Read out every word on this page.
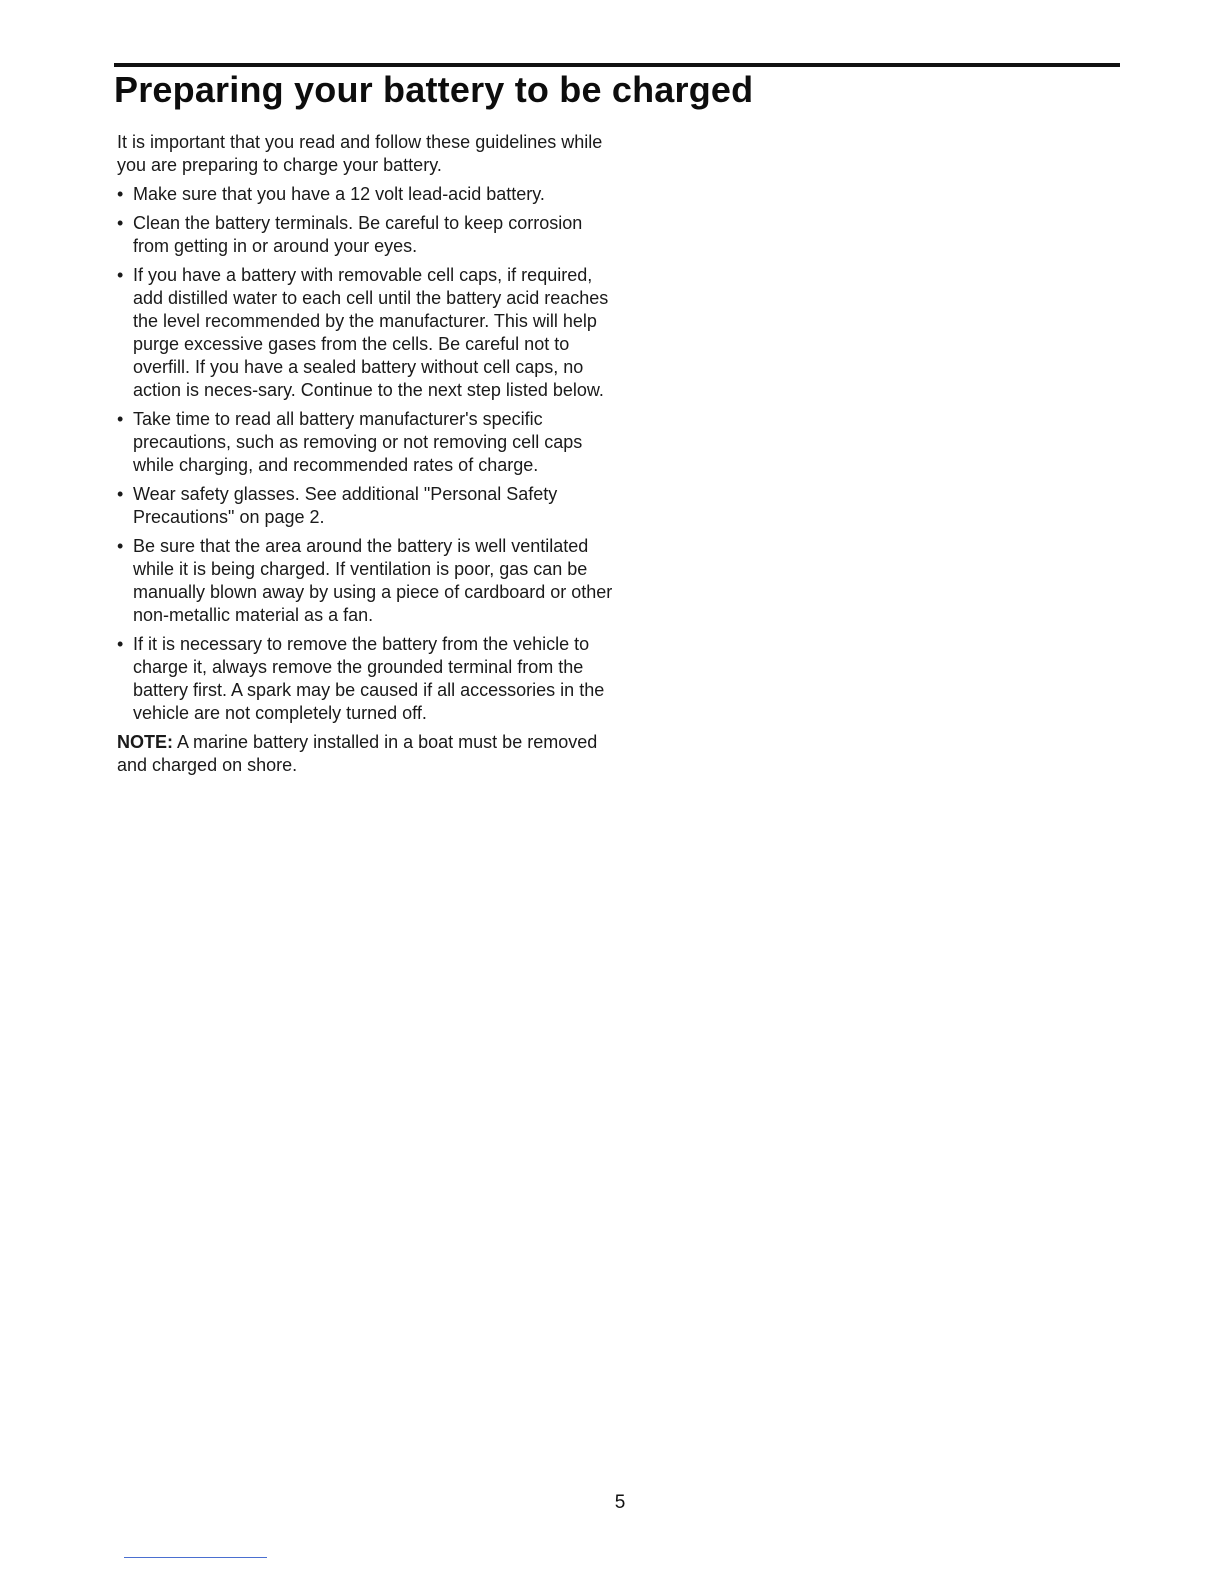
Preparing your battery to be charged

It is important that you read and follow these guidelines while you are preparing to charge your battery.

• Make sure that you have a 12 volt lead-acid battery.
• Clean the battery terminals. Be careful to keep corrosion from getting in or around your eyes.
• If you have a battery with removable cell caps, if required, add distilled water to each cell until the battery acid reaches the level recommended by the manufacturer. This will help purge excessive gases from the cells. Be careful not to overfill. If you have a sealed battery without cell caps, no action is neces-sary. Continue to the next step listed below.
• Take time to read all battery manufacturer's specific precautions, such as removing or not removing cell caps while charging, and recommended rates of charge.
• Wear safety glasses. See additional "Personal Safety Precautions" on page 2.
• Be sure that the area around the battery is well ventilated while it is being charged. If ventilation is poor, gas can be manually blown away by using a piece of cardboard or other non-metallic material as a fan.
• If it is necessary to remove the battery from the vehicle to charge it, always remove the grounded terminal from the battery first. A spark may be caused if all accessories in the vehicle are not completely turned off.

NOTE: A marine battery installed in a boat must be removed and charged on shore.

5
